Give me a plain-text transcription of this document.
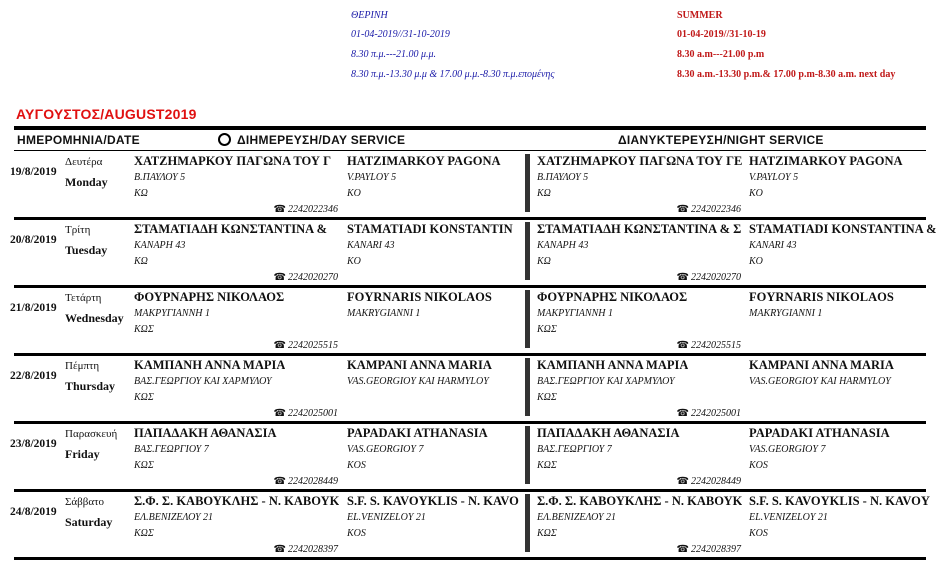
ΘΕΡΙΝΗ
01-04-2019//31-10-2019
8.30 π.μ.---21.00 μ.μ.
8.30 π.μ.-13.30 μ.μ & 17.00 μ.μ.-8.30 π.μ.επομένης
SUMMER
01-04-2019//31-10-19
8.30 a.m---21.00 p.m
8.30 a.m.-13.30 p.m.& 17.00 p.m-8.30 a.m. next day
ΑΥΓΟΥΣΤΟΣ/AUGUST2019
ΗΜΕΡΟΜΗΝΙΑ/DATE	ΔΙΗΜΕΡΕΥΣΗ/DAY SERVICE	ΔΙΑΝΥΚΤΕΡΕΥΣΗ/NIGHT SERVICE
19/8/2019
Δευτέρα
Monday
ΧΑΤΖΗΜΑΡΚΟΥ ΠΑΓΩΝΑ ΤΟΥ Γ
Β.ΠΑΥΛΟΥ 5
ΚΩ
HATZIMARKOY PAGONA
V.PAYLOY 5
KO
☎ 2242022346
ΧΑΤΖΗΜΑΡΚΟΥ ΠΑΓΩΝΑ ΤΟΥ ΓΕ
Β.ΠΑΥΛΟΥ 5
ΚΩ
HATZIMARKOY PAGONA
V.PAYLOY 5
KO
☎ 2242022346
20/8/2019
Τρίτη
Tuesday
ΣΤΑΜΑΤΙΑΔΗ ΚΩΝΣΤΑΝΤΙΝΑ &
ΚΑΝΑΡΗ 43
ΚΩ
STAMATIADI KONSTANTIN
KANARI 43
KO
☎ 2242020270
ΣΤΑΜΑΤΙΑΔΗ ΚΩΝΣΤΑΝΤΙΝΑ & Σ
ΚΑΝΑΡΗ 43
ΚΩ
STAMATIADI KONSTANTINA &
KANARI 43
KO
☎ 2242020270
21/8/2019
Τετάρτη
Wednesday
ΦΟΥΡΝΑΡΗΣ ΝΙΚΟΛΑΟΣ
ΜΑΚΡΥΓΙΑΝΝΗ 1
ΚΩΣ
FOYRNARIS NIKOLAOS
MAKRYGIANNI 1
☎ 2242025515
ΦΟΥΡΝΑΡΗΣ ΝΙΚΟΛΑΟΣ
ΜΑΚΡΥΓΙΑΝΝΗ 1
ΚΩΣ
FOYRNARIS NIKOLAOS
MAKRYGIANNI 1
☎ 2242025515
22/8/2019
Πέμπτη
Thursday
ΚΑΜΠΑΝΗ ΑΝΝΑ ΜΑΡΙΑ
ΒΑΣ.ΓΕΩΡΓΙΟΥ ΚΑΙ ΧΑΡΜΥΛΟΥ
ΚΩΣ
KAMPANI ANNA MARIA
VAS.GEORGIOY KAI HARMYLOY
☎ 2242025001
ΚΑΜΠΑΝΗ ΑΝΝΑ ΜΑΡΙΑ
ΒΑΣ.ΓΕΩΡΓΙΟΥ ΚΑΙ ΧΑΡΜΥΛΟΥ
ΚΩΣ
KAMPANI ANNA MARIA
VAS.GEORGIOY KAI HARMYLOY
☎ 2242025001
23/8/2019
Παρασκευή
Friday
ΠΑΠΑΔΑΚΗ ΑΘΑΝΑΣΙΑ
ΒΑΣ.ΓΕΩΡΓΙΟΥ 7
ΚΩΣ
PAPADAKI ATHANASIA
VAS.GEORGIOY 7
KOS
☎ 2242028449
ΠΑΠΑΔΑΚΗ ΑΘΑΝΑΣΙΑ
ΒΑΣ.ΓΕΩΡΓΙΟΥ 7
ΚΩΣ
PAPADAKI ATHANASIA
VAS.GEORGIOY 7
KOS
☎ 2242028449
24/8/2019
Σάββατο
Saturday
Σ.Φ. Σ. ΚΑΒΟΥΚΛΗΣ - Ν. ΚΑΒΟΥΚ
ΕΛ.ΒΕΝΙΖΕΛΟΥ 21
ΚΩΣ
S.F. S. KAVOYKLIS - N. KAVO
EL.VENIZELOY 21
KOS
☎ 2242028397
Σ.Φ. Σ. ΚΑΒΟΥΚΛΗΣ - Ν. ΚΑΒΟΥΚ
ΕΛ.ΒΕΝΙΖΕΛΟΥ 21
ΚΩΣ
S.F. S. KAVOYKLIS - N. KAVOY
EL.VENIZELOY 21
KOS
☎ 2242028397
